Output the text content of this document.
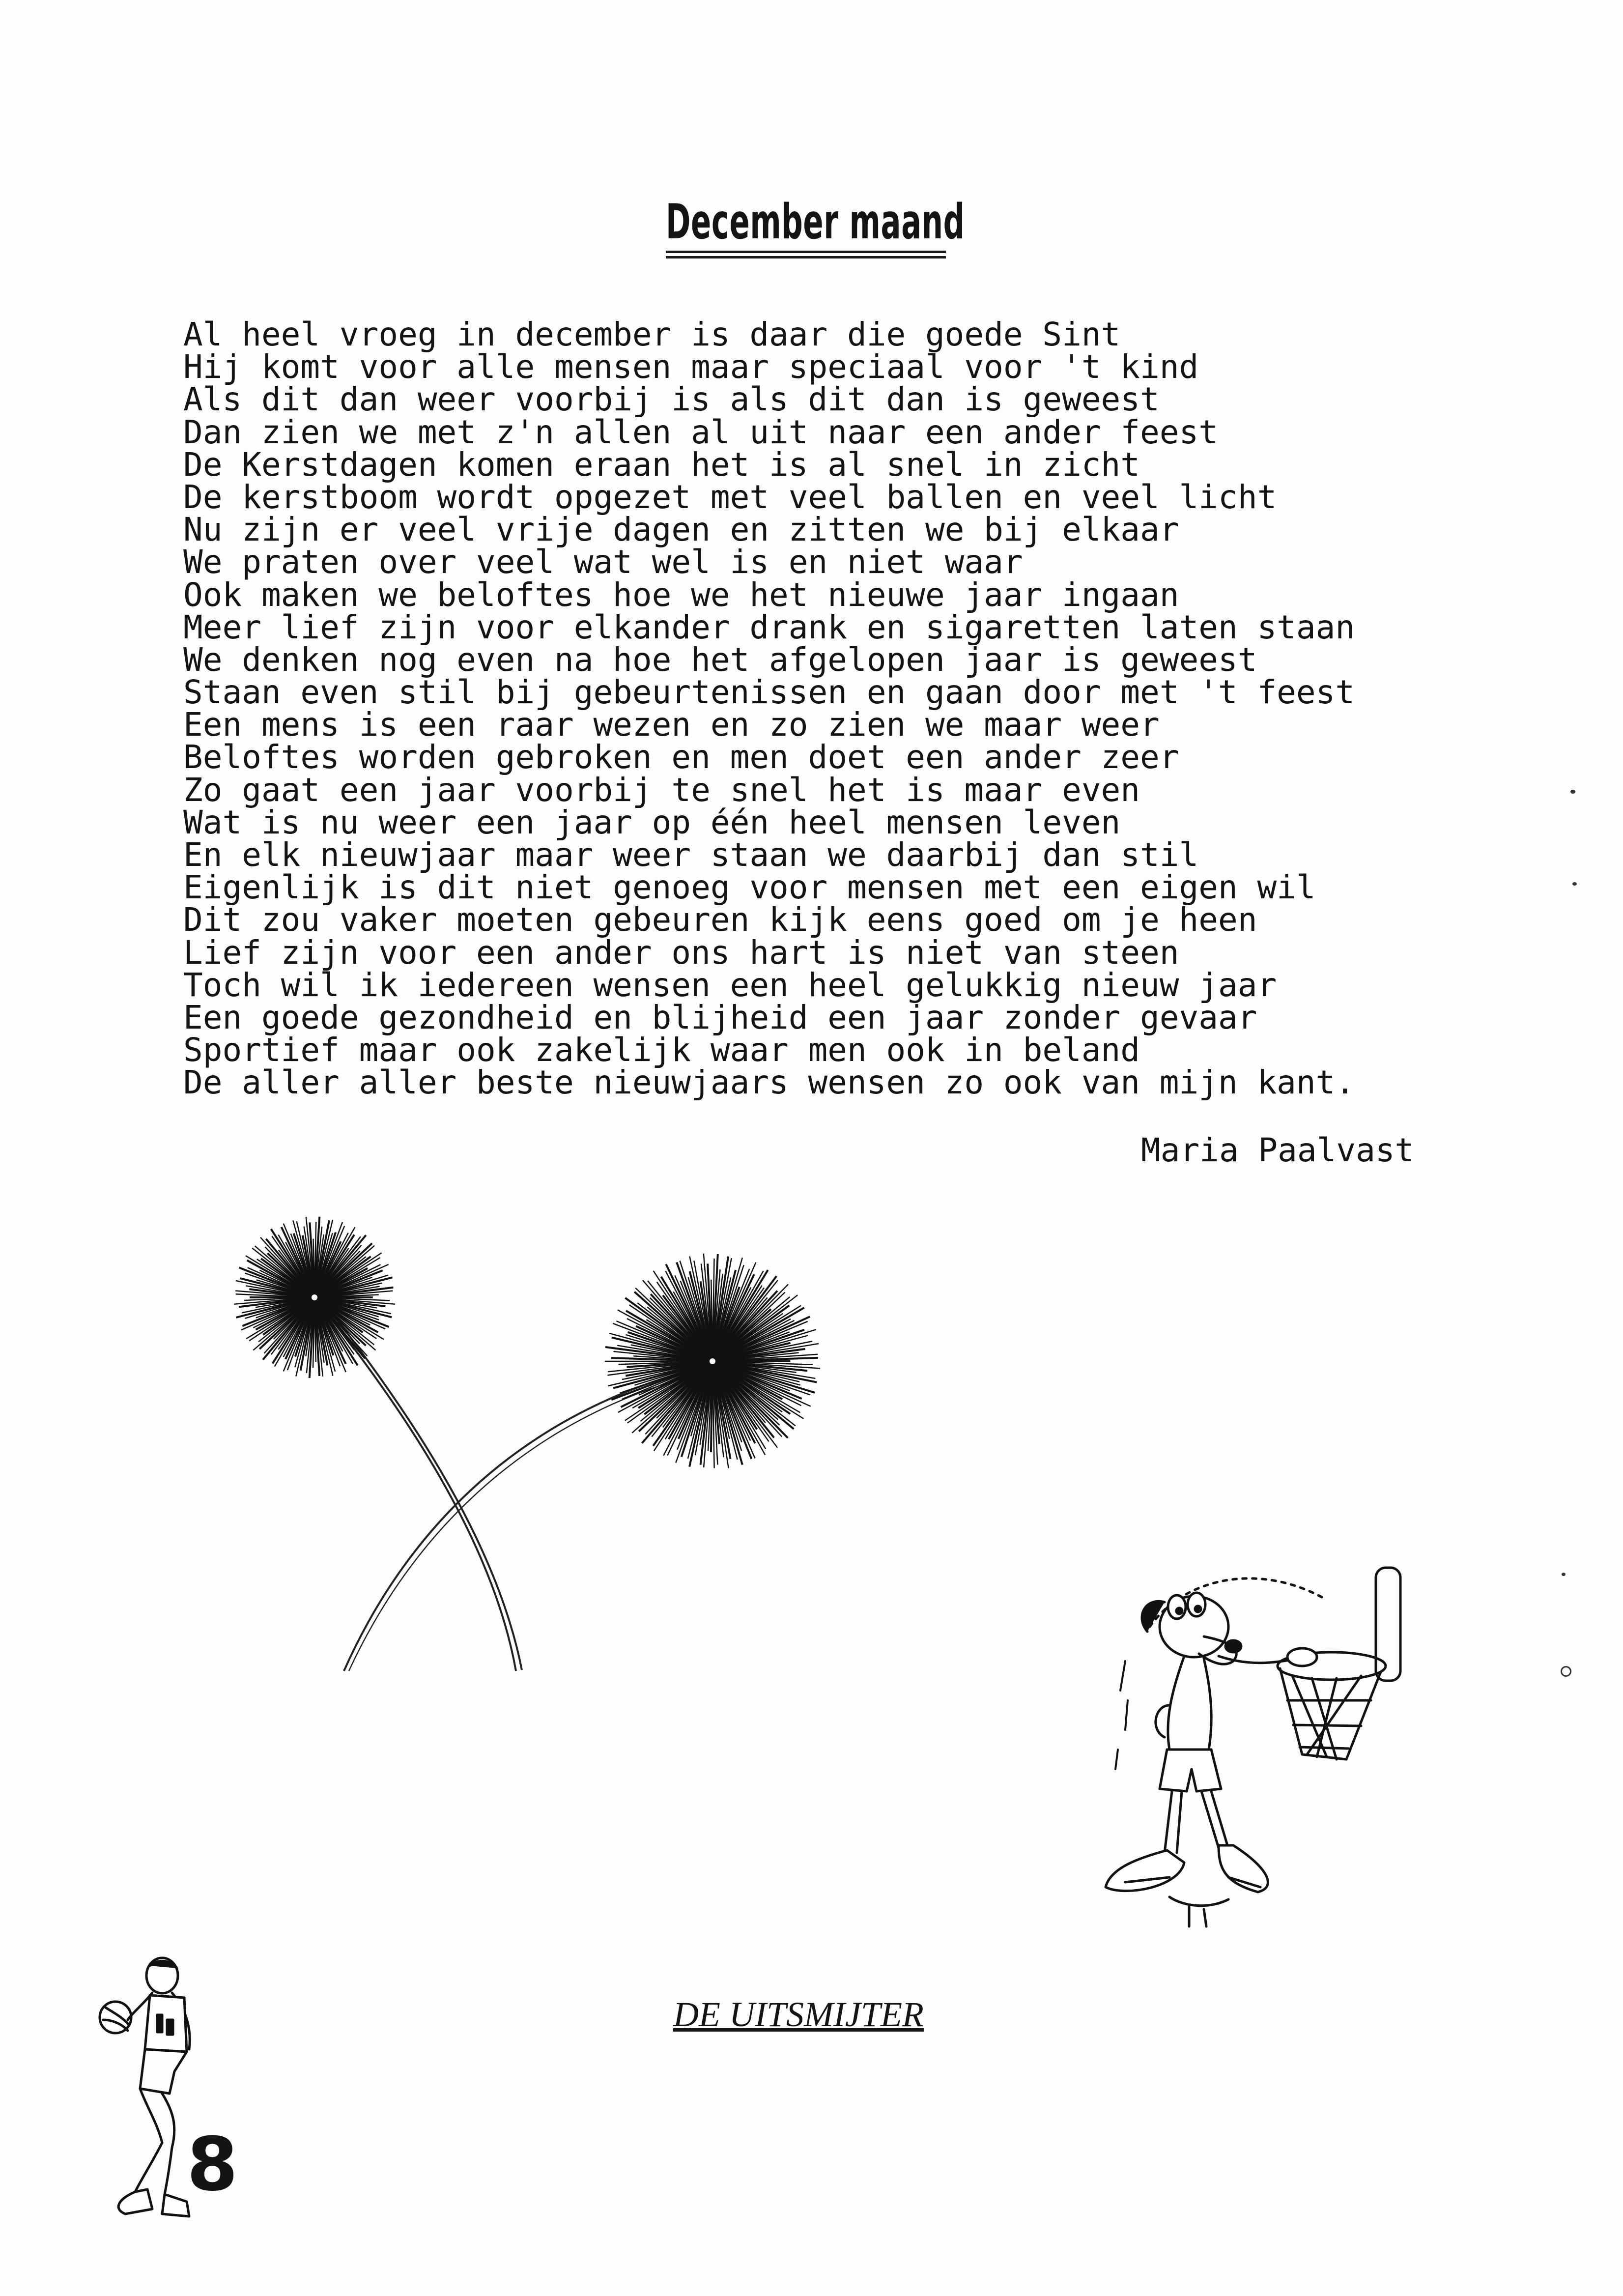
December maand
Al heel vroeg in december is daar die goede Sint
Hij komt voor alle mensen maar speciaal voor 't kind
Als dit dan weer voorbij is als dit dan is geweest
Dan zien we met z'n allen al uit naar een ander feest
De Kerstdagen komen eraan het is al snel in zicht
De kerstboom wordt opgezet met veel ballen en veel licht
Nu zijn er veel vrije dagen en zitten we bij elkaar
We praten over veel wat wel is en niet waar
Ook maken we beloftes hoe we het nieuwe jaar ingaan
Meer lief zijn voor elkander drank en sigaretten laten staan
We denken nog even na hoe het afgelopen jaar is geweest
Staan even stil bij gebeurtenissen en gaan door met 't feest
Een mens is een raar wezen en zo zien we maar weer
Beloftes worden gebroken en men doet een ander zeer
Zo gaat een jaar voorbij te snel het is maar even
Wat is nu weer een jaar op één heel mensen leven
En elk nieuwjaar maar weer staan we daarbij dan stil
Eigenlijk is dit niet genoeg voor mensen met een eigen wil
Dit zou vaker moeten gebeuren kijk eens goed om je heen
Lief zijn voor een ander ons hart is niet van steen
Toch wil ik iedereen wensen een heel gelukkig nieuw jaar
Een goede gezondheid en blijheid een jaar zonder gevaar
Sportief maar ook zakelijk waar men ook in beland
De aller aller beste nieuwjaars wensen zo ook van mijn kant.
Maria Paalvast
DE UITSMIJTER
8
